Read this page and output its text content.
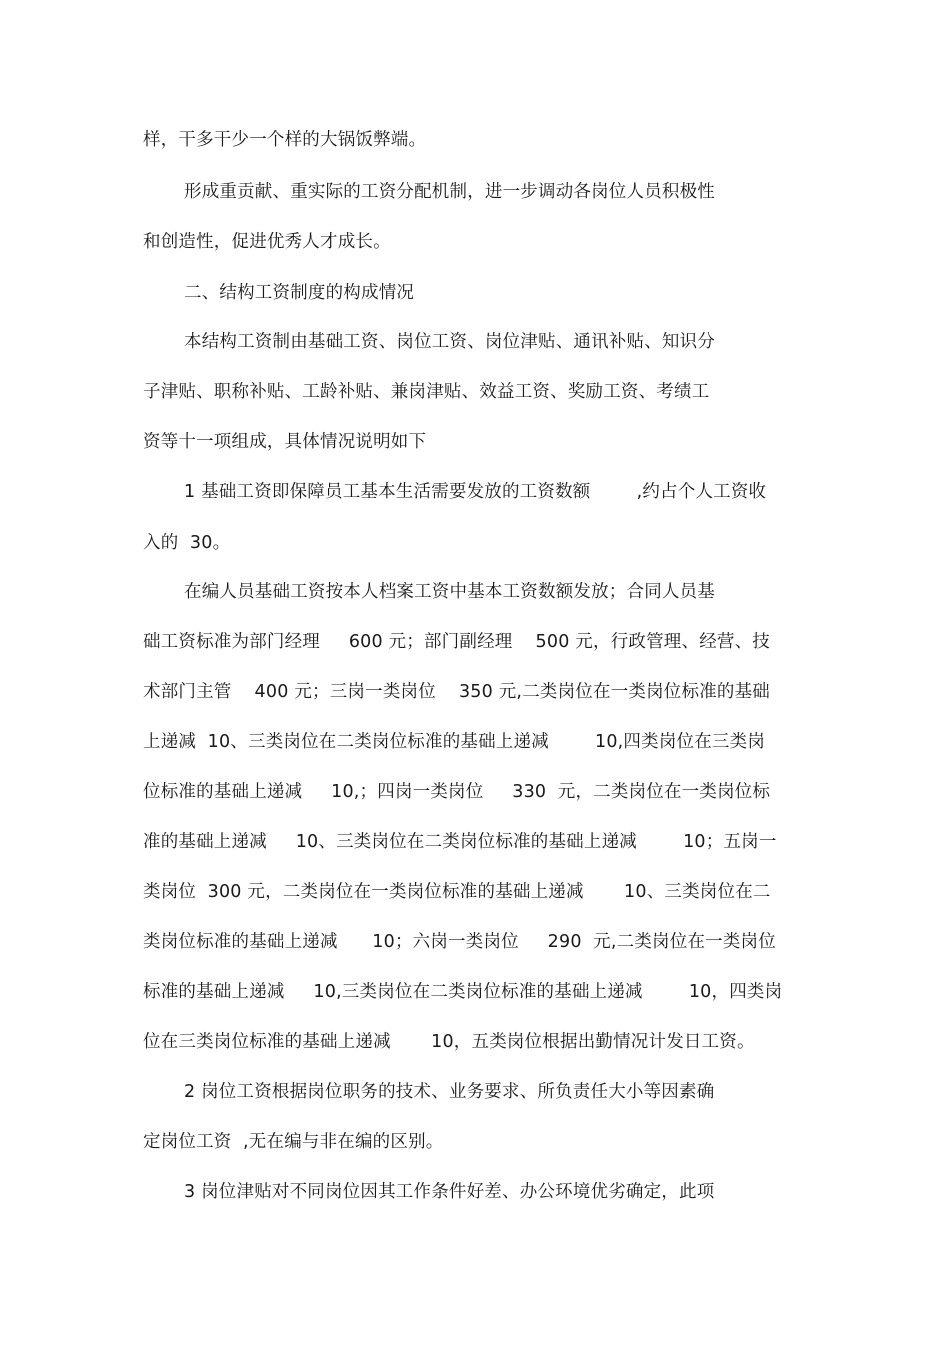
样，干多干少一个样的大锅饭弊端。
形成重贡献、重实际的工资分配机制，进一步调动各岗位人员积极性
和创造性，促进优秀人才成长。
二、结构工资制度的构成情况
本结构工资制由基础工资、岗位工资、岗位津贴、通讯补贴、知识分
子津贴、职称补贴、工龄补贴、兼岗津贴、效益工资、奖励工资、考绩工
资等十一项组成，具体情况说明如下
1 基础工资即保障员工基本生活需要发放的工资数额        ,约占个人工资收
入的  30。
在编人员基础工资按本人档案工资中基本工资数额发放；合同人员基
础工资标准为部门经理     600 元；部门副经理    500 元，行政管理、经营、技
术部门主管    400 元；三岗一类岗位    350 元,二类岗位在一类岗位标准的基础
上递减  10、三类岗位在二类岗位标准的基础上递减        10,四类岗位在三类岗
位标准的基础上递减     10,；四岗一类岗位     330  元，二类岗位在一类岗位标
准的基础上递减     10、三类岗位在二类岗位标准的基础上递减        10；五岗一
类岗位  300 元，二类岗位在一类岗位标准的基础上递减       10、三类岗位在二
类岗位标准的基础上递减      10；六岗一类岗位     290  元,二类岗位在一类岗位
标准的基础上递减     10,三类岗位在二类岗位标准的基础上递减        10，四类岗
位在三类岗位标准的基础上递减       10，五类岗位根据出勤情况计发日工资。
2 岗位工资根据岗位职务的技术、业务要求、所负责任大小等因素确
定岗位工资  ,无在编与非在编的区别。
3 岗位津贴对不同岗位因其工作条件好差、办公环境优劣确定，此项
